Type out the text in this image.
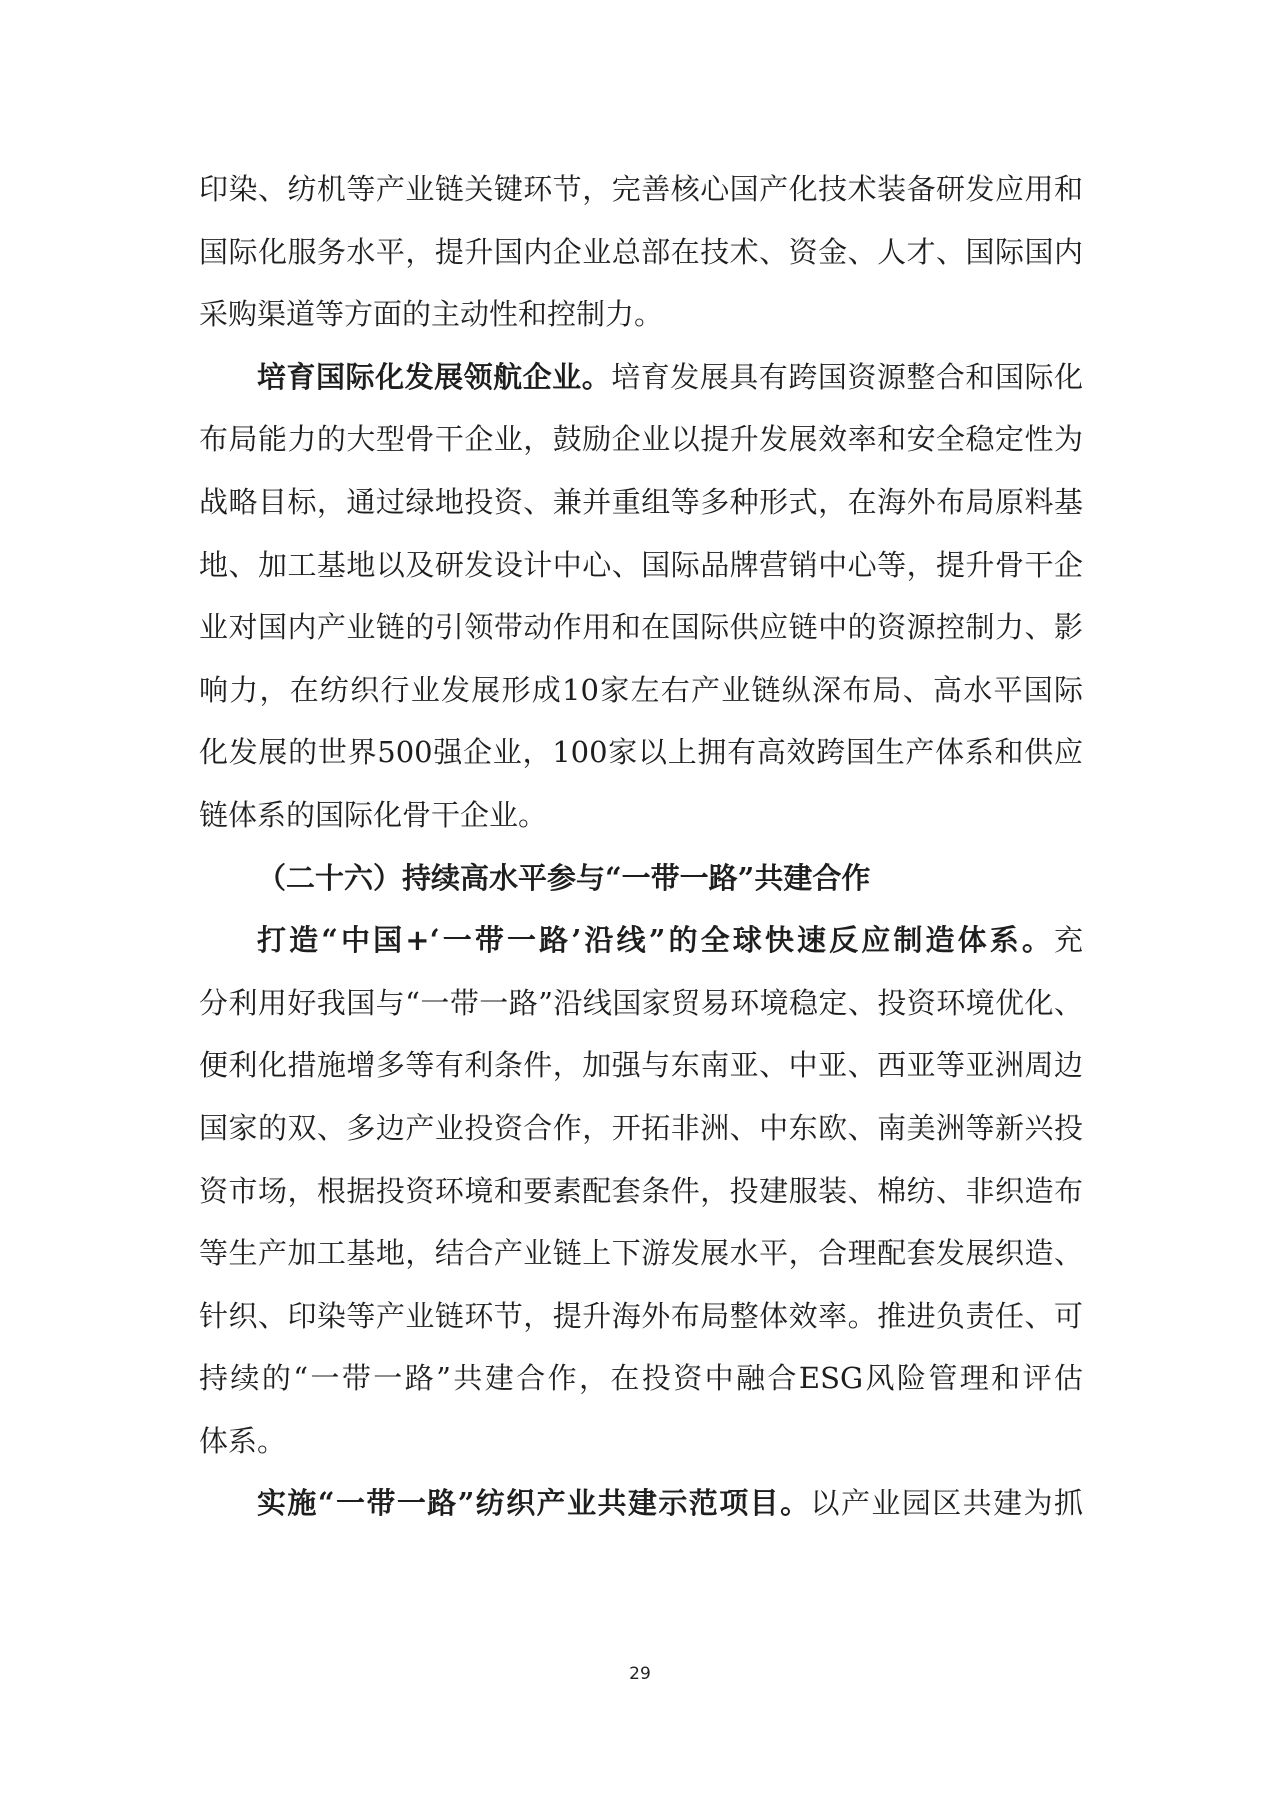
印染、纺机等产业链关键环节，完善核心国产化技术装备研发应用和
国际化服务水平，提升国内企业总部在技术、资金、人才、国际国内
采购渠道等方面的主动性和控制力。
培育国际化发展领航企业。培育发展具有跨国资源整合和国际化
布局能力的大型骨干企业，鼓励企业以提升发展效率和安全稳定性为
战略目标，通过绿地投资、兼并重组等多种形式，在海外布局原料基
地、加工基地以及研发设计中心、国际品牌营销中心等，提升骨干企
业对国内产业链的引领带动作用和在国际供应链中的资源控制力、影
响力，在纺织行业发展形成10家左右产业链纵深布局、高水平国际
化发展的世界500强企业，100家以上拥有高效跨国生产体系和供应
链体系的国际化骨干企业。
（二十六）持续高水平参与“一带一路”共建合作
打造“中国+‘一带一路’沿线”的全球快速反应制造体系。充
分利用好我国与“一带一路”沿线国家贸易环境稳定、投资环境优化、
便利化措施增多等有利条件，加强与东南亚、中亚、西亚等亚洲周边
国家的双、多边产业投资合作，开拓非洲、中东欧、南美洲等新兴投
资市场，根据投资环境和要素配套条件，投建服装、棉纺、非织造布
等生产加工基地，结合产业链上下游发展水平，合理配套发展织造、
针织、印染等产业链环节，提升海外布局整体效率。推进负责任、可
持续的“一带一路”共建合作，在投资中融合ESG风险管理和评估
体系。
实施“一带一路”纺织产业共建示范项目。以产业园区共建为抓
29
